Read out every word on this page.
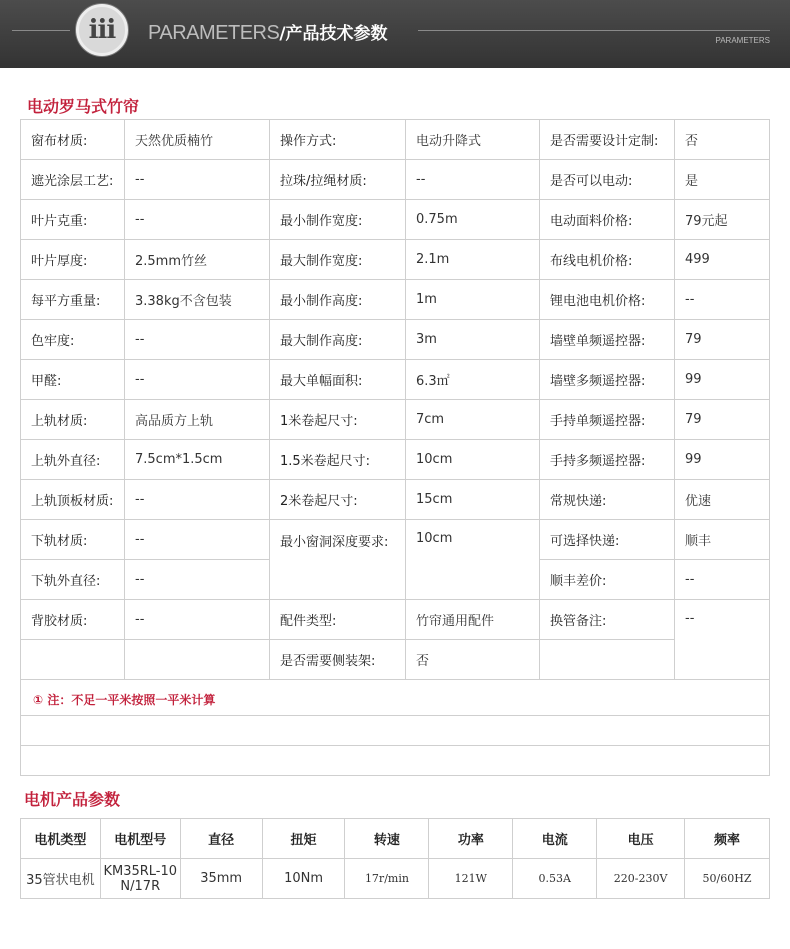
iii PARAMETERS/产品技术参数	PARAMETERS
电动罗马式竹帘
① 注：不足一平米按照一平米计算
窗布材质:	天然优质楠竹	操作方式:	电动升降式	是否需要设计定制:	否
遮光涂层工艺:	--	拉珠/拉绳材质:	--	是否可以电动:	是
叶片克重:	--	最小制作宽度:	0.75m	电动面料价格:	79元起
叶片厚度:	2.5mm竹丝	最大制作宽度:	2.1m	布线电机价格:	499
每平方重量:	3.38kg不含包装	最小制作高度:	1m	锂电池电机价格:	--
色牢度:	--	最大制作高度:	3m	墙壁单频遥控器:	79
甲醛:	--	最大单幅面积:	6.3㎡	墙壁多频遥控器:	99
上轨材质:	高品质方上轨	1米卷起尺寸:	7cm	手持单频遥控器:	79
上轨外直径:	7.5cm*1.5cm	1.5米卷起尺寸:	10cm	手持多频遥控器:	99
上轨顶板材质:	--	2米卷起尺寸:	15cm	常规快递:	优速
下轨材质:	--	最小窗洞深度要求:	10cm	可选择快递:	顺丰
下轨外直径:	--	顺丰差价:	--
背胶材质:	--	配件类型:	竹帘通用配件	换管备注:	--
是否需要侧装架:	否
电机产品参数
电机类型	电机型号	直径	扭矩	转速	功率	电流	电压	频率
35管状电机	KM35RL-10N/17R	35mm	10Nm	17r/min	121W	0.53A	220-230V	50/60HZ
